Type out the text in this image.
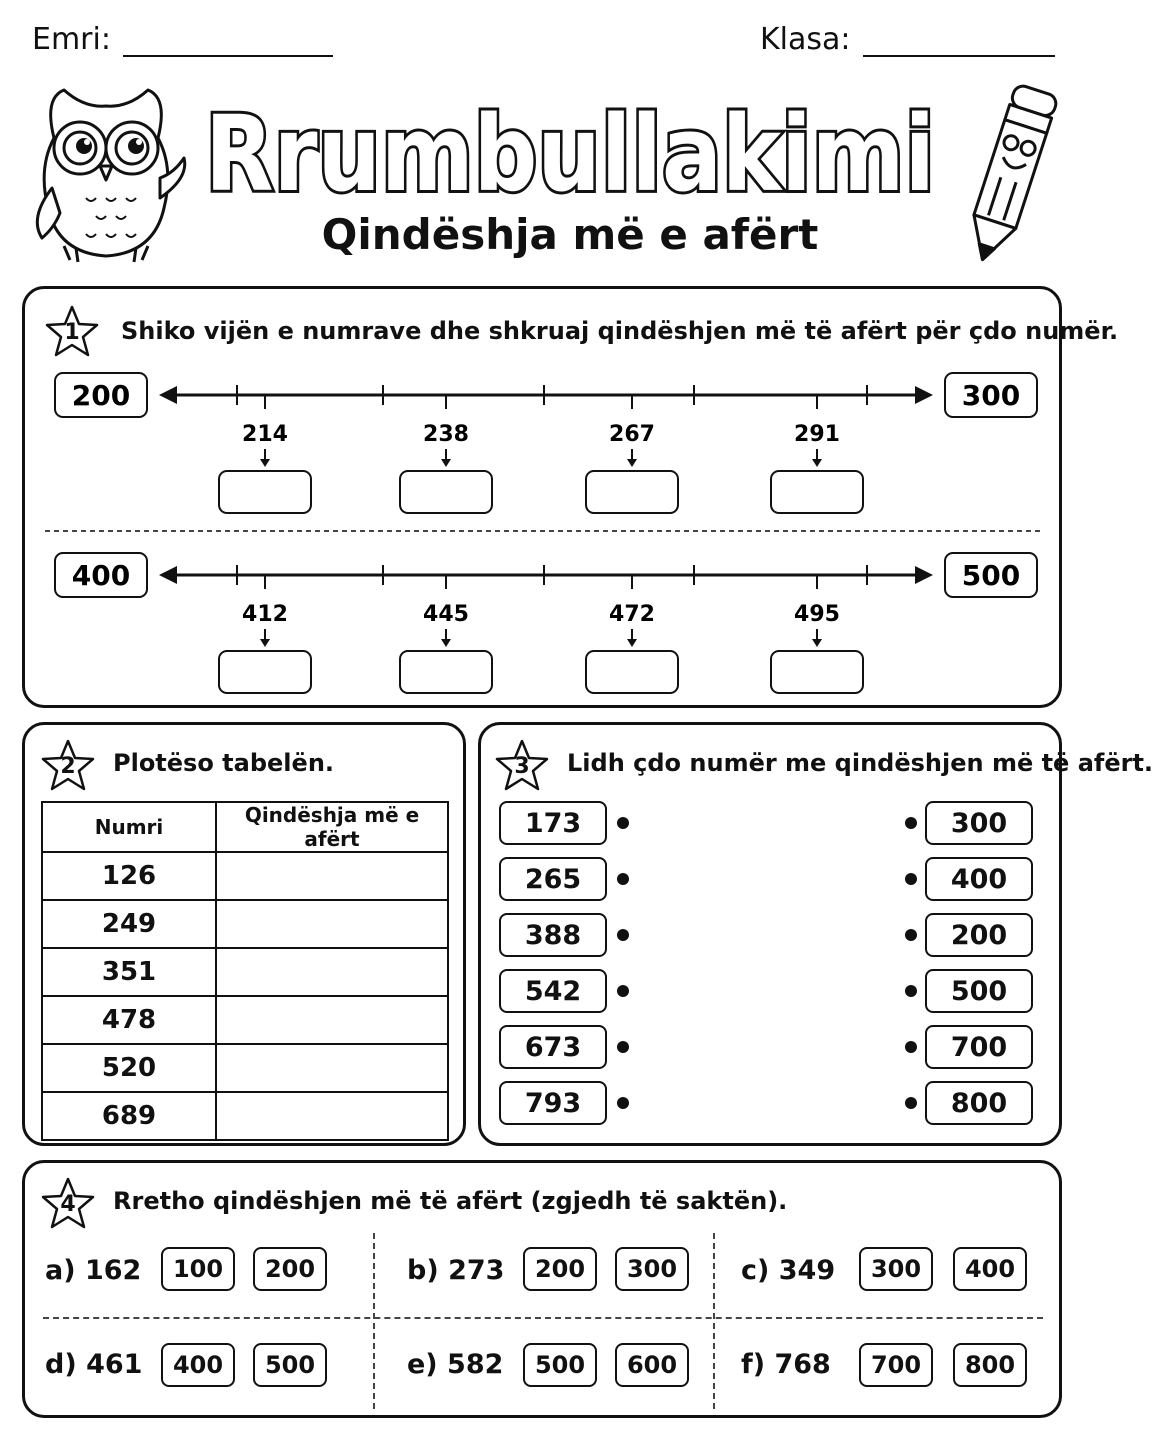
Emri:	Klasa:
Rrumbullakimi
Qindëshja më e afërt
1	Shiko vijën e numrave dhe shkruaj qindëshjen më të afërt për çdo numër.
200	300
214	238	267	291
400	500
412	445	472	495
2	Plotëso tabelën.
Numri	Qindëshja më e afërt
126	
249	
351	
478	
520	
689	
3	Lidh çdo numër me qindëshjen më të afërt.
173
265
388
542
673
793
300
400
200
500
700
800
4	Rretho qindëshjen më të afërt (zgjedh të saktën).
a) 162	100	200	b) 273	200	300	c) 349	300	400
d) 461	400	500	e) 582	500	600	f) 768	700	800
